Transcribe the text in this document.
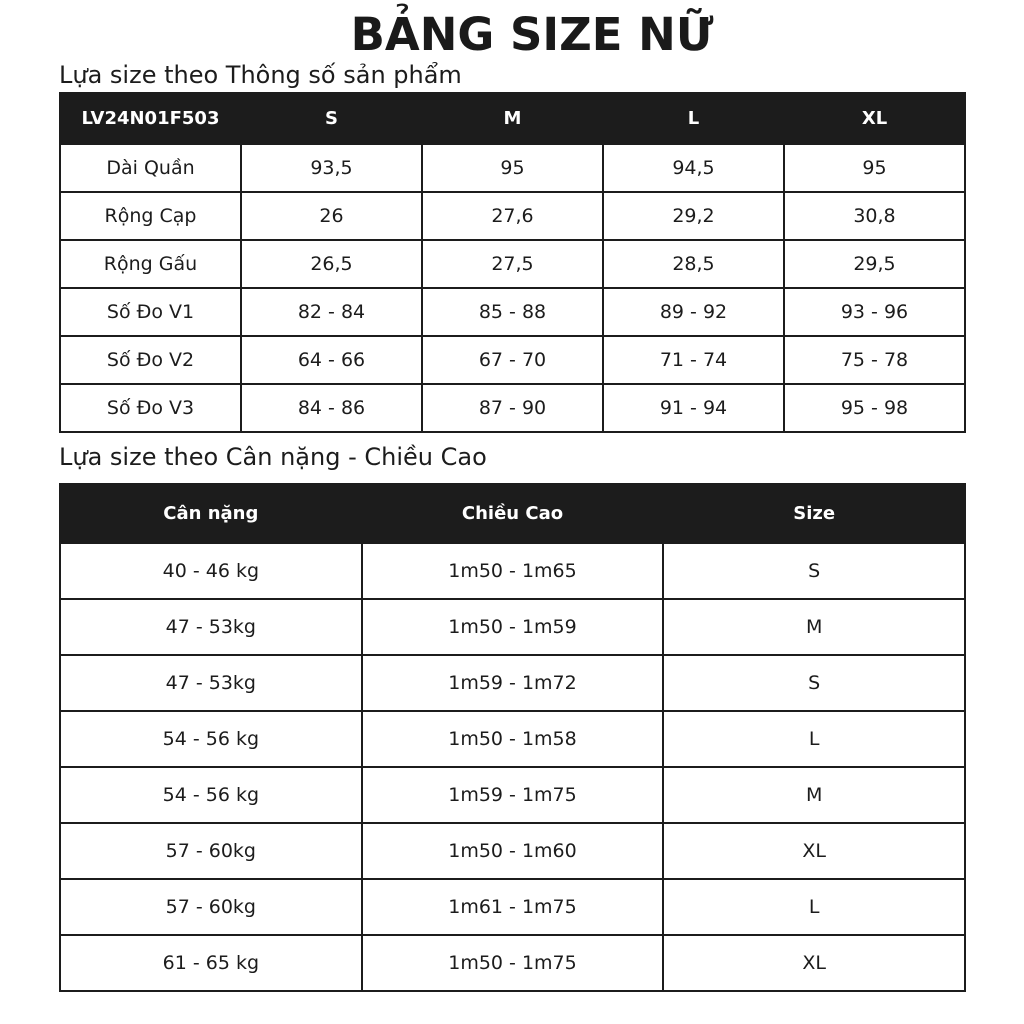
BẢNG SIZE NỮ
Lựa size theo Thông số sản phẩm
LV24N01F503	S	M	L	XL
Dài Quần	93,5	95	94,5	95
Rộng Cạp	26	27,6	29,2	30,8
Rộng Gấu	26,5	27,5	28,5	29,5
Số Đo V1	82 - 84	85 - 88	89 - 92	93 - 96
Số Đo V2	64 - 66	67 - 70	71 - 74	75 - 78
Số Đo V3	84 - 86	87 - 90	91 - 94	95 - 98
Lựa size theo Cân nặng - Chiều Cao
Cân nặng	Chiều Cao	Size
40 - 46 kg	1m50 - 1m65	S
47 - 53kg	1m50 - 1m59	M
47 - 53kg	1m59 - 1m72	S
54 - 56 kg	1m50 - 1m58	L
54 - 56 kg	1m59 - 1m75	M
57 - 60kg	1m50 - 1m60	XL
57 - 60kg	1m61 - 1m75	L
61 - 65 kg	1m50 - 1m75	XL
